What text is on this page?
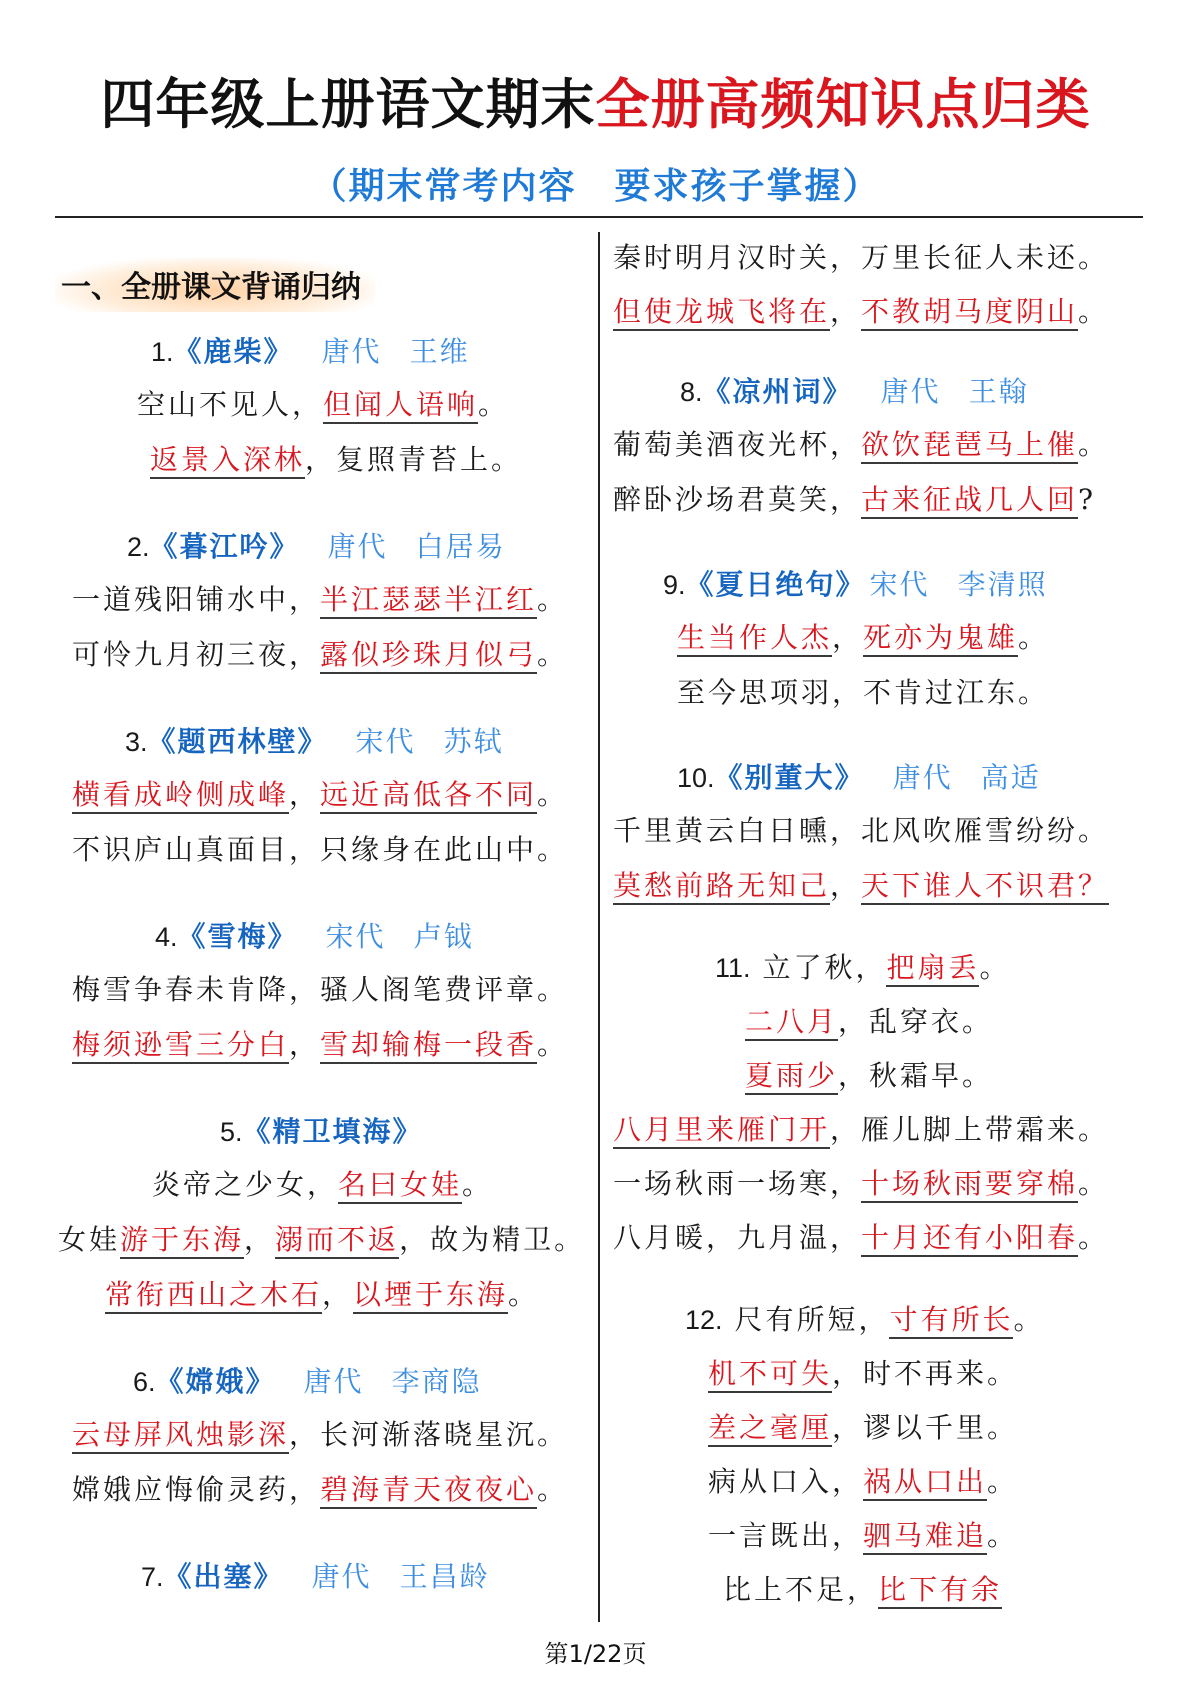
四年级上册语文期末全册高频知识点归类
（期末常考内容　要求孩子掌握）
一、全册课文背诵归纳
1.《鹿柴》 唐代 王维
空山不见人，但闻人语响。
返景入深林，复照青苔上。
2.《暮江吟》 唐代 白居易
一道残阳铺水中，半江瑟瑟半江红。
可怜九月初三夜，露似珍珠月似弓。
3.《题西林壁》 宋代 苏轼
横看成岭侧成峰，远近高低各不同。
不识庐山真面目，只缘身在此山中。
4.《雪梅》 宋代 卢钺
梅雪争春未肯降，骚人阁笔费评章。
梅须逊雪三分白，雪却输梅一段香。
5.《精卫填海》
炎帝之少女，名曰女娃。
女娃游于东海，溺而不返，故为精卫。
常衔西山之木石，以堙于东海。
6.《嫦娥》 唐代 李商隐
云母屏风烛影深，长河渐落晓星沉。
嫦娥应悔偷灵药，碧海青天夜夜心。
7.《出塞》 唐代 王昌龄
秦时明月汉时关，万里长征人未还。
但使龙城飞将在，不教胡马度阴山。
8.《凉州词》 唐代 王翰
葡萄美酒夜光杯，欲饮琵琶马上催。
醉卧沙场君莫笑，古来征战几人回?
9.《夏日绝句》 宋代 李清照
生当作人杰，死亦为鬼雄。
至今思项羽，不肯过江东。
10.《别董大》 唐代 高适
千里黄云白日曛，北风吹雁雪纷纷。
莫愁前路无知己，天下谁人不识君？
11. 立了秋，把扇丢。
二八月，乱穿衣。
夏雨少，秋霜早。
八月里来雁门开，雁儿脚上带霜来。
一场秋雨一场寒，十场秋雨要穿棉。
八月暖，九月温，十月还有小阳春。
12. 尺有所短，寸有所长。
机不可失，时不再来。
差之毫厘，谬以千里。
病从口入，祸从口出。
一言既出，驷马难追。
比上不足，比下有余
第1/22页
